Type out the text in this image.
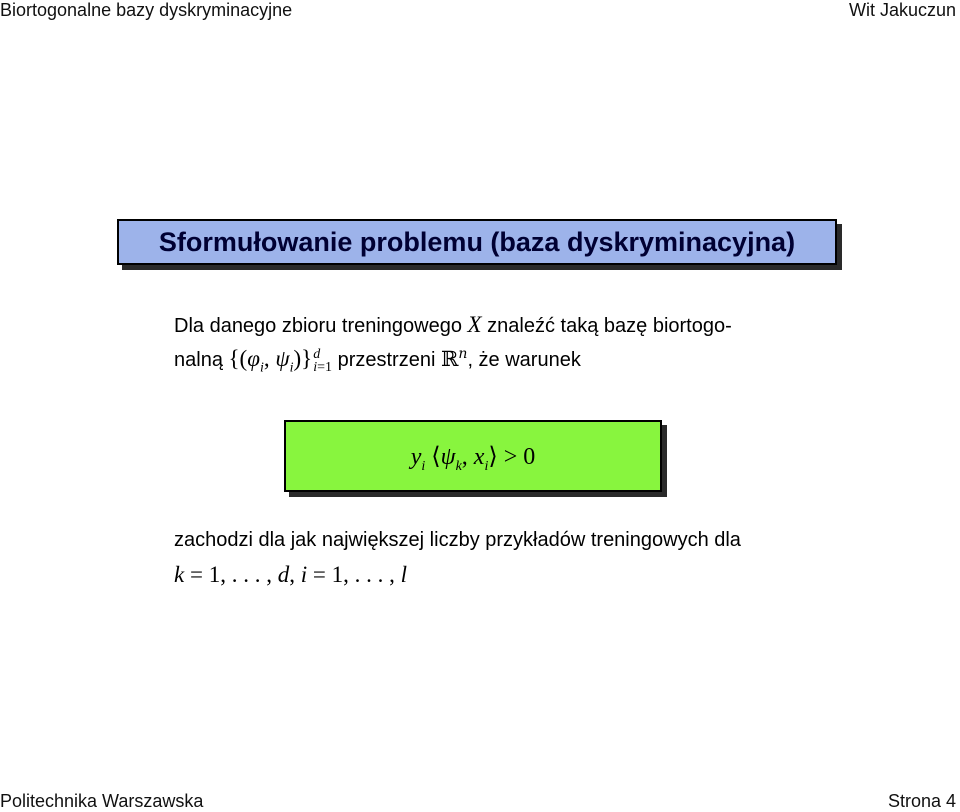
Biortogonalne bazy dyskryminacyjne	Wit Jakuczun
Sformułowanie problemu (baza dyskryminacyjna)
Dla danego zbioru treningowego X znaleźć taką bazę biortogo-
nalną {($\varphi_i$, $\psi_i)\}d$
i=1 przestrzeni ℝ$^n$, że warunek
$y_i$ $⟨\psi_k$, $x_i⟩ > 0$
zachodzi dla jak największej liczby przykładów treningowych dla
k = 1, . . . , d, i = 1, . . . , l
Politechnika Warszawska	Strona 4
